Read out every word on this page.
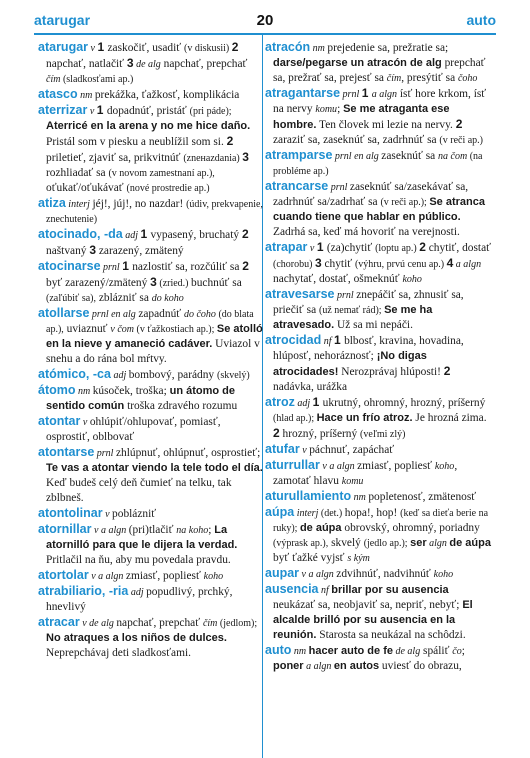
atarugar	20	auto
atarugar v 1 zaskočiť, usadiť (v diskusii) 2 napchať, natlačiť 3 de alg napchať, prepchať čím (sladkosťami ap.)
atasco nm prekážka, ťažkosť, komplikácia
aterrizar v 1 dopadnúť, pristáť (pri páde); Aterricé en la arena y no me hice daño. Pristál som v piesku a neublížil som si. 2 priletieť, zjaviť sa, prikvitnúť (zneнazdania) 3 rozhliadať sa (v novom zamestnaní ap.), oťukať/oťukávať (nové prostredie ap.)
atiza interj jéj!, júj!, no nazdar! (údiv, prekvapenie, znechutenie)
atocinado, -da adj 1 vypasený, bruchatý 2 naštvaný 3 zarazený, zmätený
atocinarse prnl 1 nazlostiť sa, rozčúliť sa 2 byť zarazený/zmätený 3 (zried.) buchnúť sa (zaľúbiť sa), zblázniť sa do koho
atollarse prnl en alg zapadnúť do čoho (do blata ap.), uviaznuť v čom (v ťažkostiach ap.); Se atolló en la nieve y amaneció cadáver. Uviazol v snehu a do rána bol mŕtvy.
atómico, -ca adj bombový, parádny (skvelý)
átomo nm kúsoček, troška; un átomo de sentido común troška zdravého rozumu
atontar v ohlúpiť/ohlupovať, pomiasť, osprostiť, oblbovať
atontarse prnl zhlúpnuť, ohlúpnuť, osprostieť; Te vas a atontar viendo la tele todo el día. Keď budeš celý deň čumieť na telku, tak zblbneš.
atontolinar v poblázniť
atornillar v a algn (pri)tlačiť na koho; La atornilló para que le dijera la verdad. Pritlačil na ňu, aby mu povedala pravdu.
atortolar v a algn zmiasť, popliesť koho
atrabiliario, -ria adj popudlivý, prchký, hnevlivý
atracar v de alg napchať, prepchať čím (jedlom); No atraques a los niños de dulces. Neprepchávaj deti sladkosťami.
atracón nm prejedenie sa, prežratie sa; darse/pegarse un atracón de alg prepchať sa, prežrať sa, prejesť sa čím, presýtiť sa čoho
atragantarse prnl 1 a algn ísť hore krkom, ísť na nervy komu; Se me atraganta ese hombre. Ten človek mi lezie na nervy. 2 zaraziť sa, zaseknúť sa, zadrhnúť sa (v reči ap.)
atramparse prnl en alg zaseknúť sa na čom (na probléme ap.)
atrancarse prnl zaseknúť sa/zasekávať sa, zadrhnúť sa/zadrhať sa (v reči ap.); Se atranca cuando tiene que hablar en público. Zadrhá sa, keď má hovoriť na verejnosti.
atrapar v 1 (za)chytiť (loptu ap.) 2 chytiť, dostať (chorobu) 3 chytiť (výhru, prvú cenu ap.) 4 a algn nachytať, dostať, ošmeknúť koho
atravesarse prnl znepáčiť sa, zhnusiť sa, priečiť sa (už nemať rád); Se me ha atravesado. Už sa mi nepáči.
atrocidad nf 1 blbosť, kravina, hovadina, hlúposť, nehoráznosť; ¡No digas atrocidades! Nerozprávaj hlúposti! 2 nadávka, urážka
atroz adj 1 ukrutný, ohromný, hrozný, príšerný (hlad ap.); Hace un frío atroz. Je hrozná zima. 2 hrozný, príšerný (veľmi zlý)
atufar v páchnuť, zapáchať
aturrullar v a algn zmiasť, popliesť koho, zamotať hlavu komu
aturullamiento nm popletenosť, zmätenosť
aúpa interj (det.) hopa!, hop! (keď sa dieťa berie na ruky); de aúpa obrovský, ohromný, poriadny (výprask ap.), skvelý (jedlo ap.); ser algn de aúpa byť ťažké vyjsť s kým
aupar v a algn zdvihnúť, nadvihnúť koho
ausencia nf brillar por su ausencia neukázať sa, neobjaviť sa, nepriť, nebyť; El alcalde brilló por su ausencia en la reunión. Starosta sa neukázal na schôdzi.
auto nm hacer auto de fe de alg spáliť čo; poner a algn en autos uviesť do obrazu,
